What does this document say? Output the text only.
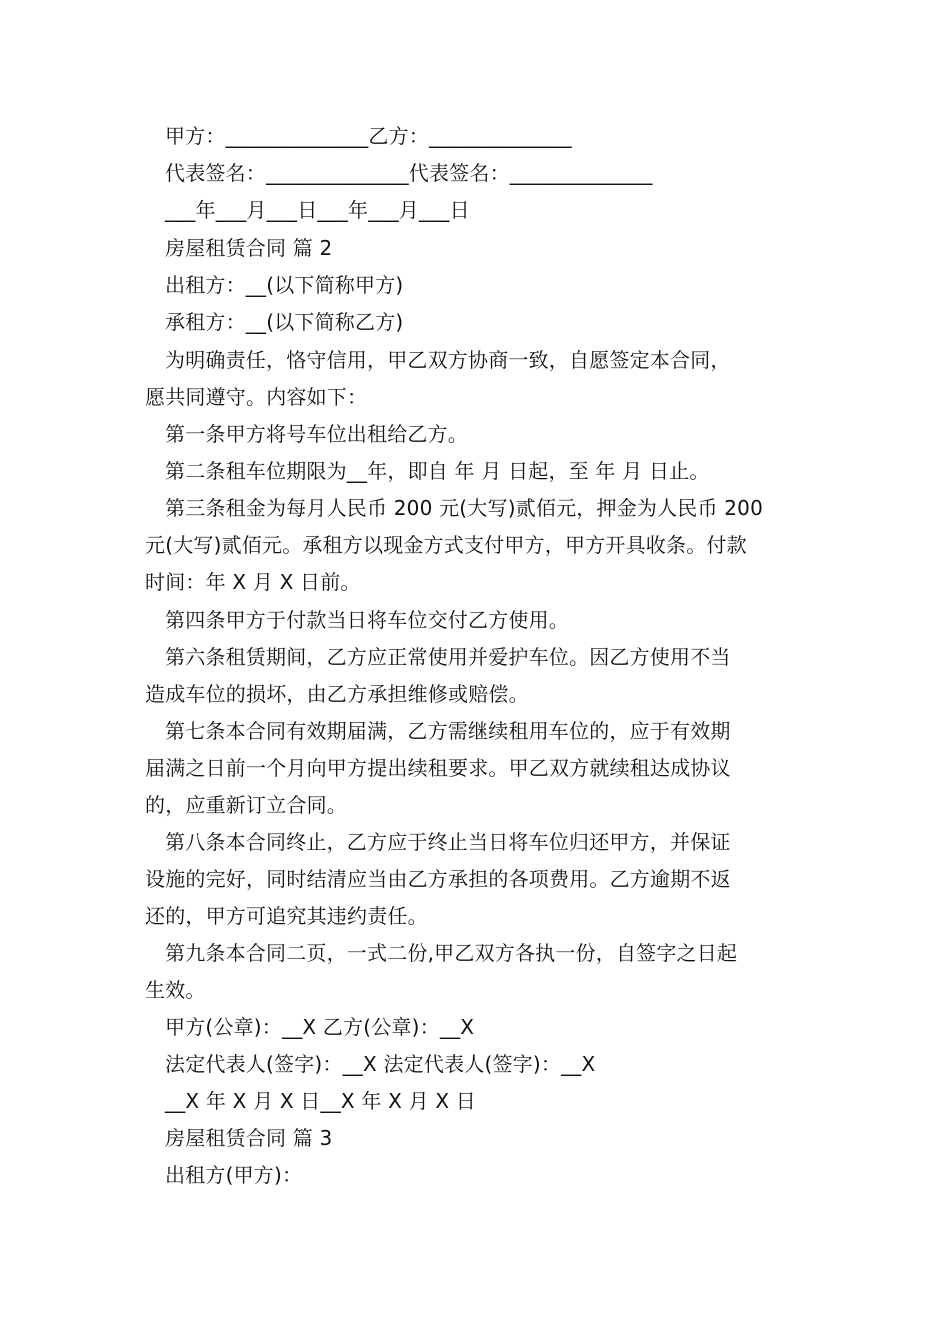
甲方：______________乙方：______________
代表签名：______________代表签名：______________
___年___月___日___年___月___日
房屋租赁合同 篇 2
出租方：__(以下简称甲方)
承租方：__(以下简称乙方)
为明确责任，恪守信用，甲乙双方协商一致，自愿签定本合同，
愿共同遵守。内容如下：
第一条甲方将号车位出租给乙方。
第二条租车位期限为__年，即自 年 月 日起，至 年 月 日止。
第三条租金为每月人民币 200 元(大写)贰佰元，押金为人民币 200
元(大写)贰佰元。承租方以现金方式支付甲方，甲方开具收条。付款
时间：年 X 月 X 日前。
第四条甲方于付款当日将车位交付乙方使用。
第六条租赁期间，乙方应正常使用并爱护车位。因乙方使用不当
造成车位的损坏，由乙方承担维修或赔偿。
第七条本合同有效期届满，乙方需继续租用车位的，应于有效期
届满之日前一个月向甲方提出续租要求。甲乙双方就续租达成协议
的，应重新订立合同。
第八条本合同终止，乙方应于终止当日将车位归还甲方，并保证
设施的完好，同时结清应当由乙方承担的各项费用。乙方逾期不返
还的，甲方可追究其违约责任。
第九条本合同二页，一式二份,甲乙双方各执一份，自签字之日起
生效。
甲方(公章)：__X 乙方(公章)：__X
法定代表人(签字)：__X 法定代表人(签字)：__X
__X 年 X 月 X 日__X 年 X 月 X 日
房屋租赁合同 篇 3
出租方(甲方)：
